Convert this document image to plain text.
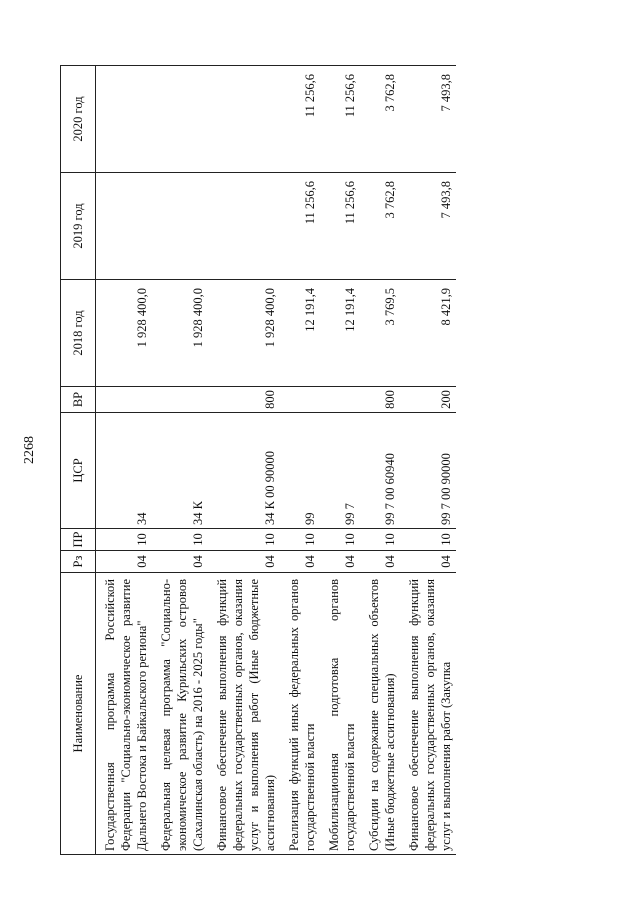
2268
Наименование	Рз	ПР	ЦСР	ВР	2018 год	2019 год	2020 год
Государственная программа Российской Федерации "Социально-экономическое развитие Дальнего Востока и Байкальского региона"	04	10	34		1 928 400,0		
Федеральная целевая программа "Социально-экономическое развитие Курильских островов (Сахалинская область) на 2016 - 2025 годы"	04	10	34 К		1 928 400,0		
Финансовое обеспечение выполнения функций федеральных государственных органов, оказания услуг и выполнения работ (Иные бюджетные ассигнования)	04	10	34 К 00 90000	800	1 928 400,0		
Реализация функций иных федеральных органов государственной власти	04	10	99		12 191,4	11 256,6	11 256,6
Мобилизационная подготовка органов государственной власти	04	10	99 7		12 191,4	11 256,6	11 256,6
Субсидии на содержание специальных объектов (Иные бюджетные ассигнования)	04	10	99 7 00 60940	800	3 769,5	3 762,8	3 762,8
Финансовое обеспечение выполнения функций федеральных государственных органов, оказания услуг и выполнения работ (Закупка	04	10	99 7 00 90000	200	8 421,9	7 493,8	7 493,8
